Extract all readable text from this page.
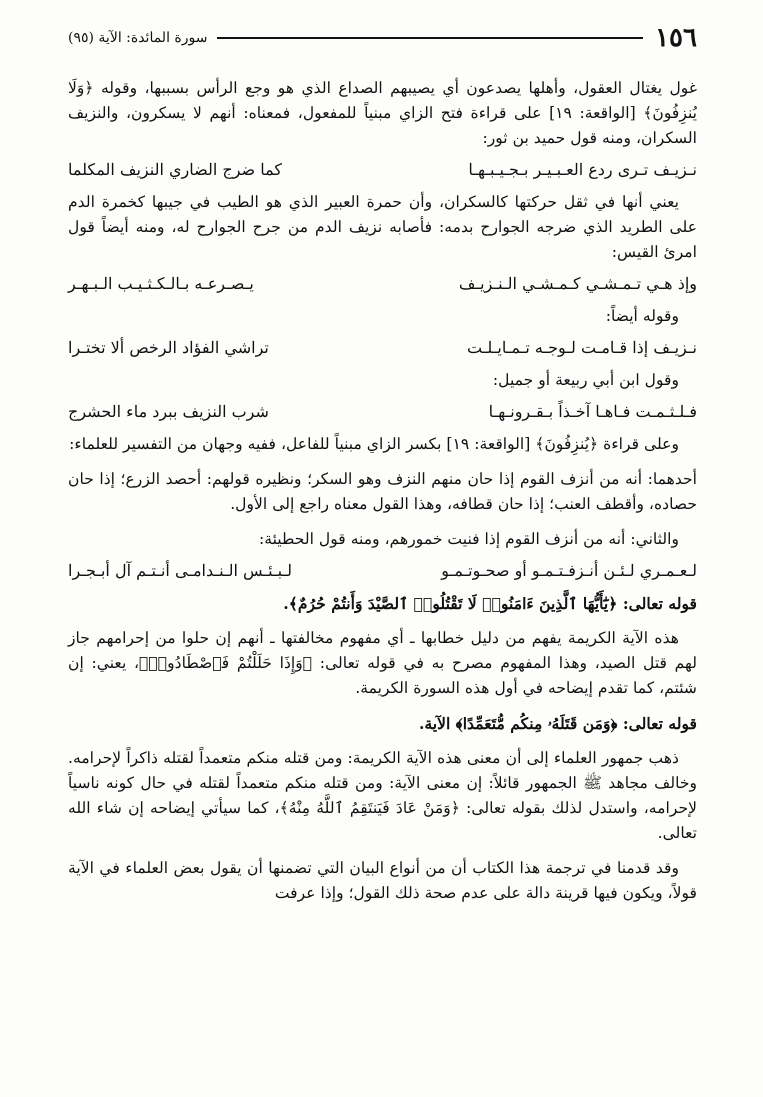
١٥٦
سورة المائدة: الآية (٩٥)

غول يغتال العقول، وأهلها يصدعون أي يصيبهم الصداع الذي هو وجع الرأس بسببها، وقوله ﴿وَلَا يُنزِفُونَ﴾ [الواقعة: ١٩] على قراءة فتح الزاي مبنياً للمفعول، فمعناه: أنهم لا يسكرون، والنزيف السكران، ومنه قول حميد بن ثور:

نـزيـف تـرى ردع العـبـيـر بـجـيـبـهـا
كما ضرج الضاري النزيف المكلما

يعني أنها في ثقل حركتها كالسكران، وأن حمرة العبير الذي هو الطيب في جيبها كخمرة الدم على الطريد الذي ضرجه الجوارح بدمه: فأصابه نزيف الدم من جرح الجوارح له، ومنه أيضاً قول امرئ القيس:

وإذ هـي تـمـشـي كـمـشـي الـنـزيـف
يـصـرعـه بـالـكـثـيـب الـبـهـر

وقوله أيضاً:

نـزيـف إذا قـامـت لـوجـه تـمـايـلـت
تراشي الفؤاد الرخص ألا تختـرا

وقول ابن أبي ربيعة أو جميل:

فـلـثـمـت فـاهـا آخـذاً بـقـرونـهـا
شرب النزيف ببرد ماء الحشرج

وعلى قراءة ﴿يُنزِفُونَ﴾ [الواقعة: ١٩] بكسر الزاي مبنياً للفاعل، ففيه وجهان من التفسير للعلماء:

أحدهما: أنه من أنزف القوم إذا حان منهم النزف وهو السكر؛ ونظيره قولهم: أحصد الزرع؛ إذا حان حصاده، وأقطف العنب؛ إذا حان قطافه، وهذا القول معناه راجع إلى الأول.

والثاني: أنه من أنزف القوم إذا فنيت خمورهم، ومنه قول الحطيئة:

لـعـمـري لـئـن أنـزفـتـمـو أو صحـوتـمـو
لـبـئـس الـنـدامـى أنـتـم آل أبـجـرا

قوله تعالى: ﴿يَٰٓأَيُّهَا ٱلَّذِينَ ءَامَنُوا۟ لَا تَقْتُلُوا۟ ٱلصَّيْدَ وَأَنتُمْ حُرُمٌ﴾.

هذه الآية الكريمة يفهم من دليل خطابها ـ أي مفهوم مخالفتها ـ أنهم إن حلوا من إحرامهم جاز لهم قتل الصيد، وهذا المفهوم مصرح به في قوله تعالى: ﴿وَإِذَا حَلَلْتُمْ فَٱصْطَادُوا۟﴾، يعني: إن شئتم، كما تقدم إيضاحه في أول هذه السورة الكريمة.

قوله تعالى: ﴿وَمَن قَتَلَهُۥ مِنكُم مُّتَعَمِّدًا﴾ الآية.

ذهب جمهور العلماء إلى أن معنى هذه الآية الكريمة: ومن قتله منكم متعمداً لقتله ذاكراً لإحرامه. وخالف مجاهد ﷺ الجمهور قائلاً: إن معنى الآية: ومن قتله منكم متعمداً لقتله في حال كونه ناسياً لإحرامه، واستدل لذلك بقوله تعالى: ﴿وَمَنْ عَادَ فَيَنتَقِمُ ٱللَّهُ مِنْهُ﴾، كما سيأتي إيضاحه إن شاء الله تعالى.

وقد قدمنا في ترجمة هذا الكتاب أن من أنواع البيان التي تضمنها أن يقول بعض العلماء في الآية قولاً، ويكون فيها قرينة دالة على عدم صحة ذلك القول؛ وإذا عرفت
